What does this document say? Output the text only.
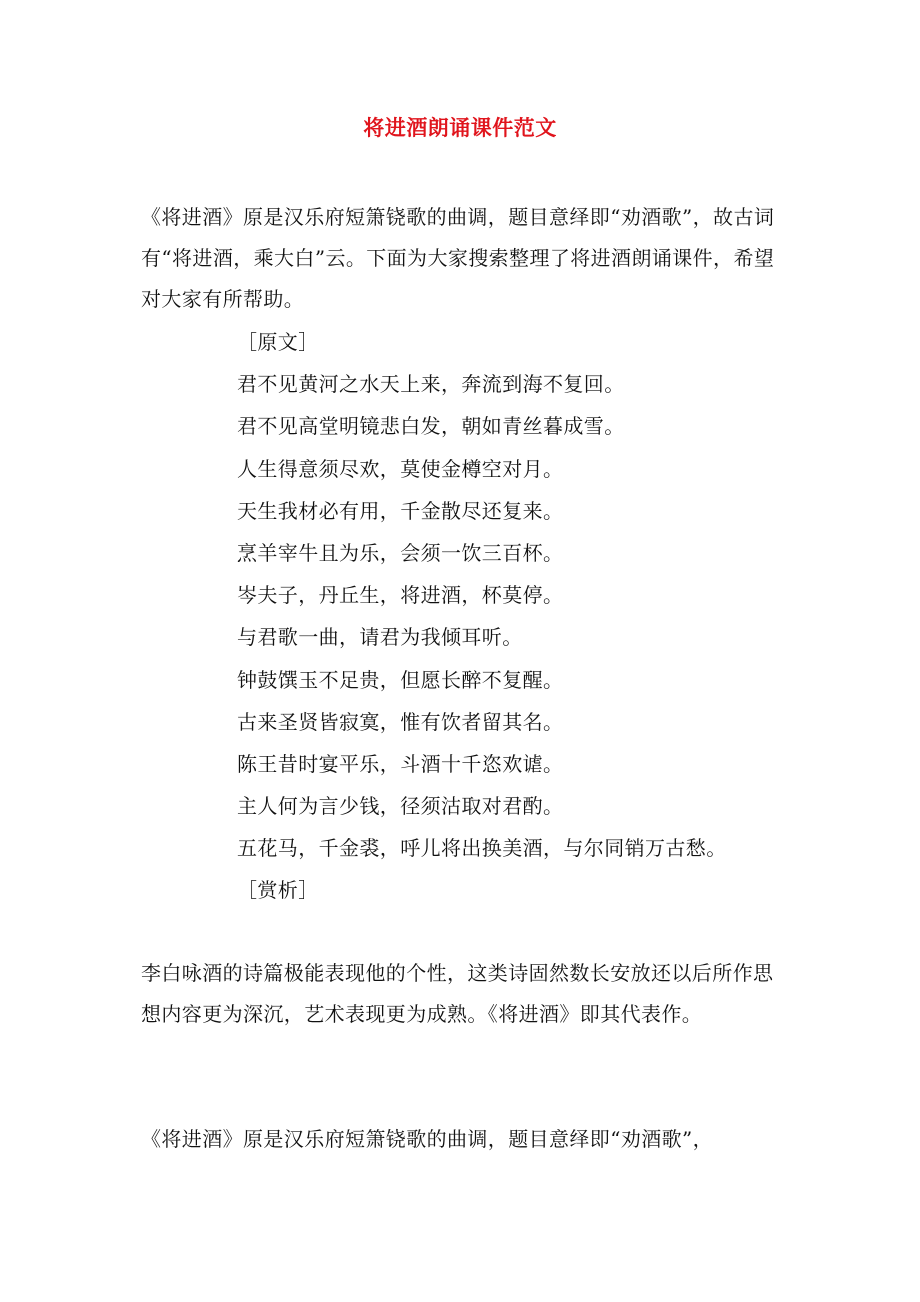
将进酒朗诵课件范文
《将进酒》原是汉乐府短箫铙歌的曲调，题目意绎即“劝酒歌”，故古词有“将进酒，乘大白”云。下面为大家搜索整理了将进酒朗诵课件，希望对大家有所帮助。
［原文］
君不见黄河之水天上来，奔流到海不复回。
君不见高堂明镜悲白发，朝如青丝暮成雪。
人生得意须尽欢，莫使金樽空对月。
天生我材必有用，千金散尽还复来。
烹羊宰牛且为乐，会须一饮三百杯。
岑夫子，丹丘生，将进酒，杯莫停。
与君歌一曲，请君为我倾耳听。
钟鼓馔玉不足贵，但愿长醉不复醒。
古来圣贤皆寂寞，惟有饮者留其名。
陈王昔时宴平乐，斗酒十千恣欢谑。
主人何为言少钱，径须沽取对君酌。
五花马，千金裘，呼儿将出换美酒，与尔同销万古愁。
［赏析］
李白咏酒的诗篇极能表现他的个性，这类诗固然数长安放还以后所作思想内容更为深沉，艺术表现更为成熟。《将进酒》即其代表作。
《将进酒》原是汉乐府短箫铙歌的曲调，题目意绎即“劝酒歌”，
